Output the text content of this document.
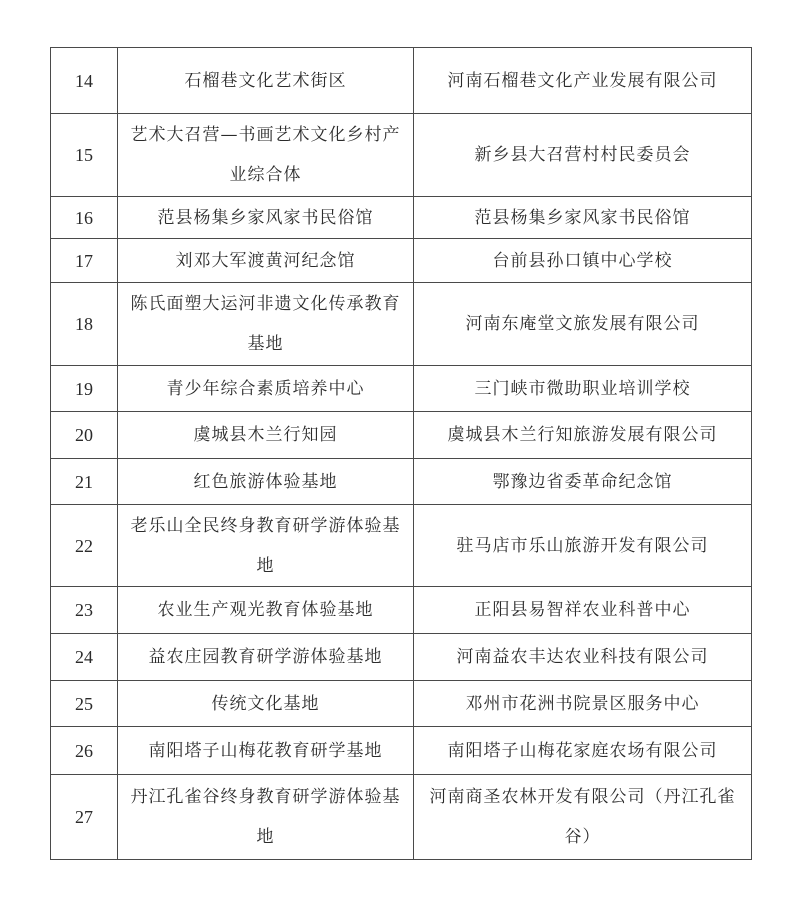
14	石榴巷文化艺术街区	河南石榴巷文化产业发展有限公司
15	艺术大召营—书画艺术文化乡村产业综合体	新乡县大召营村村民委员会
16	范县杨集乡家风家书民俗馆	范县杨集乡家风家书民俗馆
17	刘邓大军渡黄河纪念馆	台前县孙口镇中心学校
18	陈氏面塑大运河非遗文化传承教育基地	河南东庵堂文旅发展有限公司
19	青少年综合素质培养中心	三门峡市微助职业培训学校
20	虞城县木兰行知园	虞城县木兰行知旅游发展有限公司
21	红色旅游体验基地	鄂豫边省委革命纪念馆
22	老乐山全民终身教育研学游体验基地	驻马店市乐山旅游开发有限公司
23	农业生产观光教育体验基地	正阳县易智祥农业科普中心
24	益农庄园教育研学游体验基地	河南益农丰达农业科技有限公司
25	传统文化基地	邓州市花洲书院景区服务中心
26	南阳塔子山梅花教育研学基地	南阳塔子山梅花家庭农场有限公司
27	丹江孔雀谷终身教育研学游体验基地	河南商圣农林开发有限公司（丹江孔雀谷）
